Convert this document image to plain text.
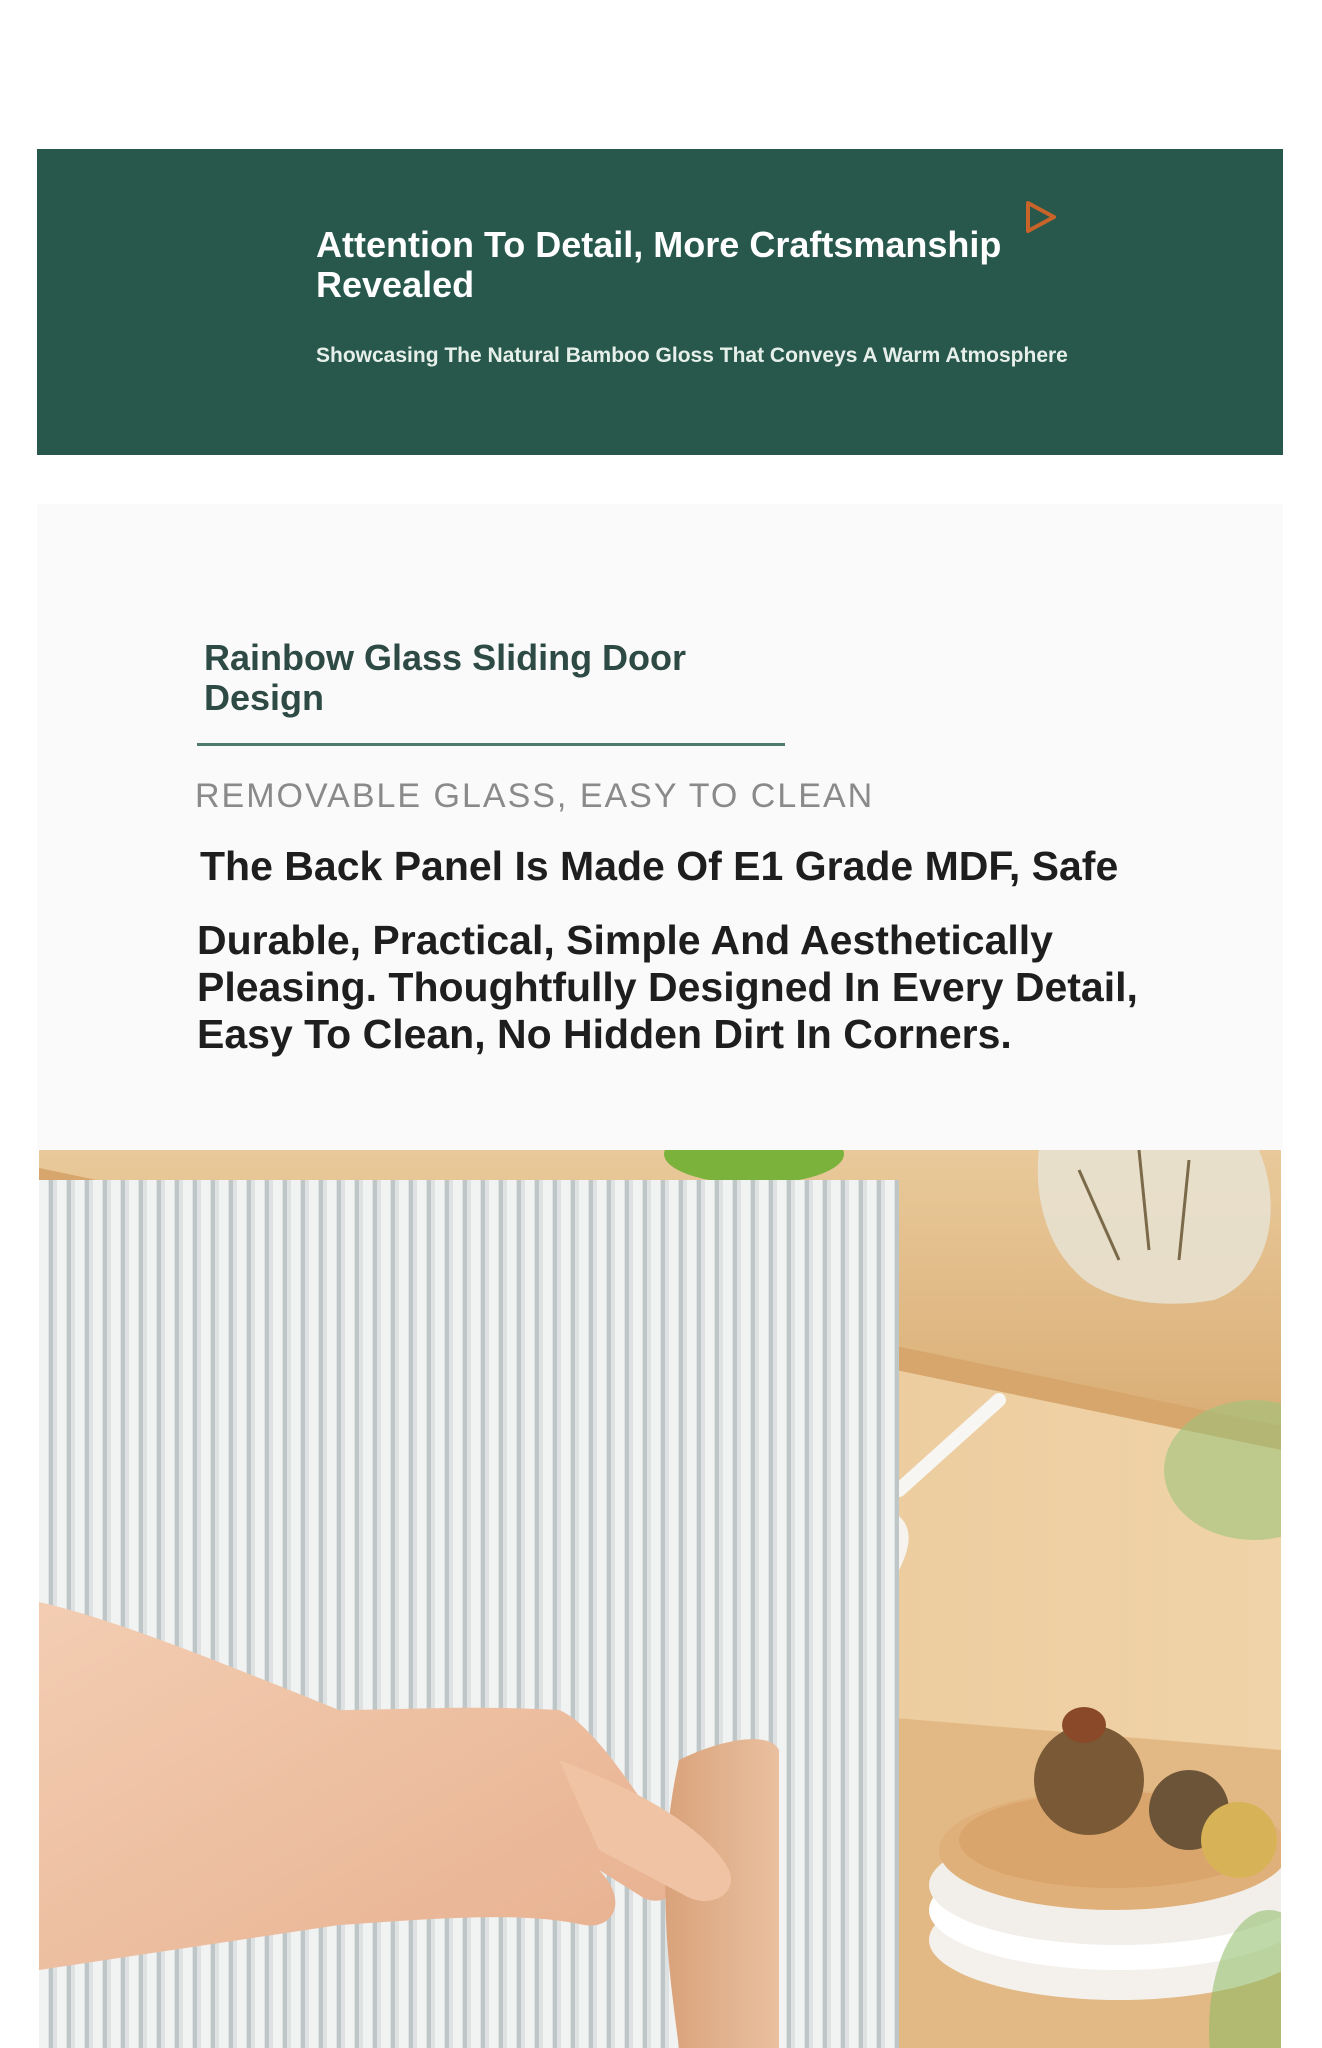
Attention To Detail, More Craftsmanship Revealed
Showcasing The Natural Bamboo Gloss That Conveys A Warm Atmosphere
Rainbow Glass Sliding Door Design
REMOVABLE GLASS, EASY TO CLEAN
The Back Panel Is Made Of E1 Grade MDF, Safe
Durable, Practical, Simple And Aesthetically Pleasing. Thoughtfully Designed In Every Detail, Easy To Clean, No Hidden Dirt In Corners.
